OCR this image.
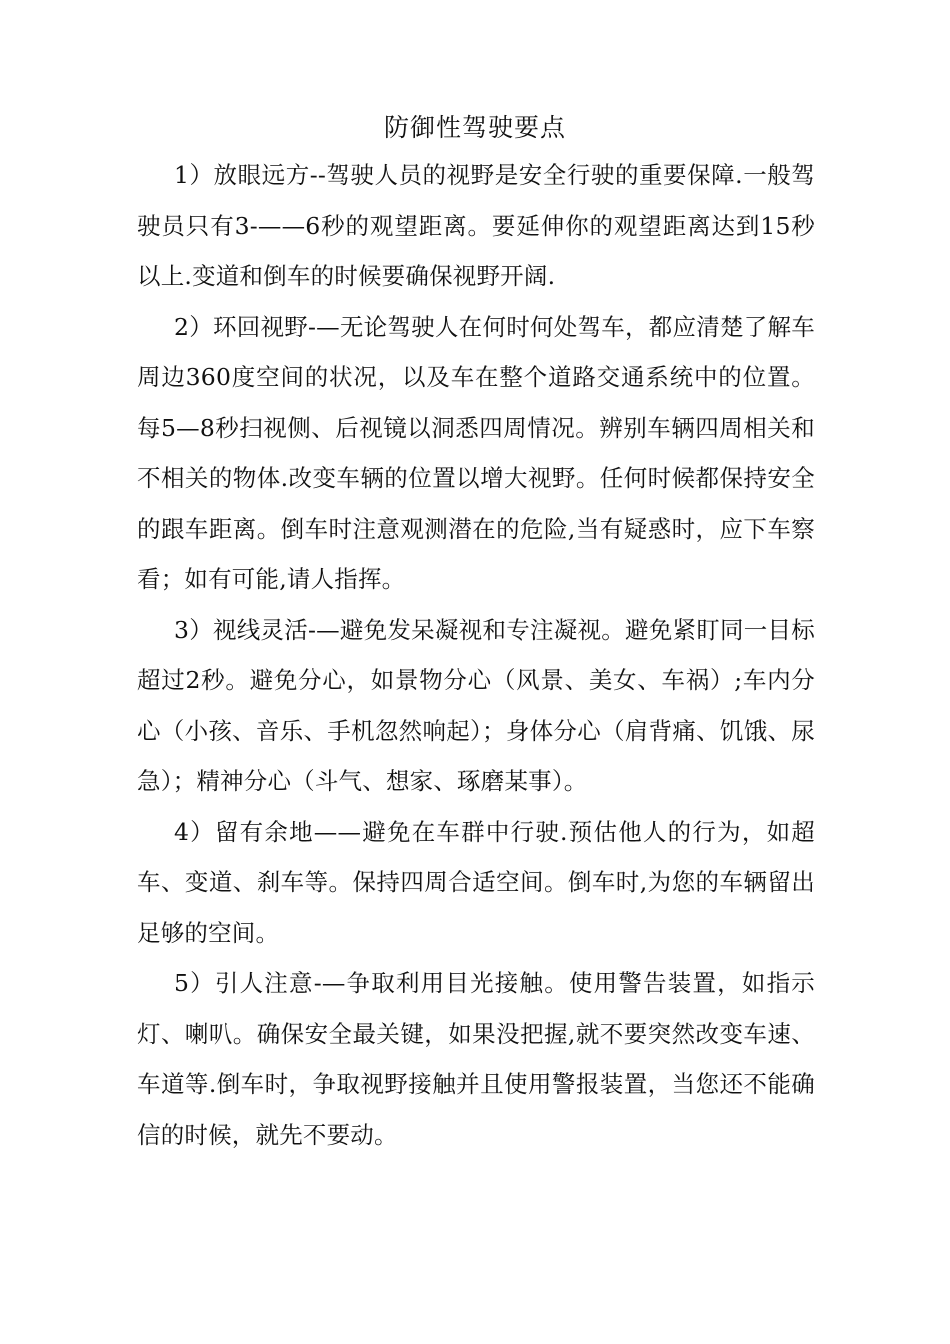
防御性驾驶要点

1）放眼远方--驾驶人员的视野是安全行驶的重要保障.一般驾驶员只有3-——6秒的观望距离。要延伸你的观望距离达到15秒以上.变道和倒车的时候要确保视野开阔.

2）环回视野-—无论驾驶人在何时何处驾车，都应清楚了解车周边360度空间的状况，以及车在整个道路交通系统中的位置。每5—8秒扫视侧、后视镜以洞悉四周情况。辨别车辆四周相关和不相关的物体.改变车辆的位置以增大视野。任何时候都保持安全的跟车距离。倒车时注意观测潜在的危险,当有疑惑时，应下车察看；如有可能,请人指挥。

3）视线灵活-—避免发呆凝视和专注凝视。避免紧盯同一目标超过2秒。避免分心，如景物分心（风景、美女、车祸）;车内分心（小孩、音乐、手机忽然响起）；身体分心（肩背痛、饥饿、尿急）；精神分心（斗气、想家、琢磨某事）。

4）留有余地——避免在车群中行驶.预估他人的行为，如超车、变道、刹车等。保持四周合适空间。倒车时,为您的车辆留出足够的空间。

5）引人注意-—争取利用目光接触。使用警告装置，如指示灯、喇叭。确保安全最关键，如果没把握,就不要突然改变车速、车道等.倒车时，争取视野接触并且使用警报装置，当您还不能确信的时候，就先不要动。
